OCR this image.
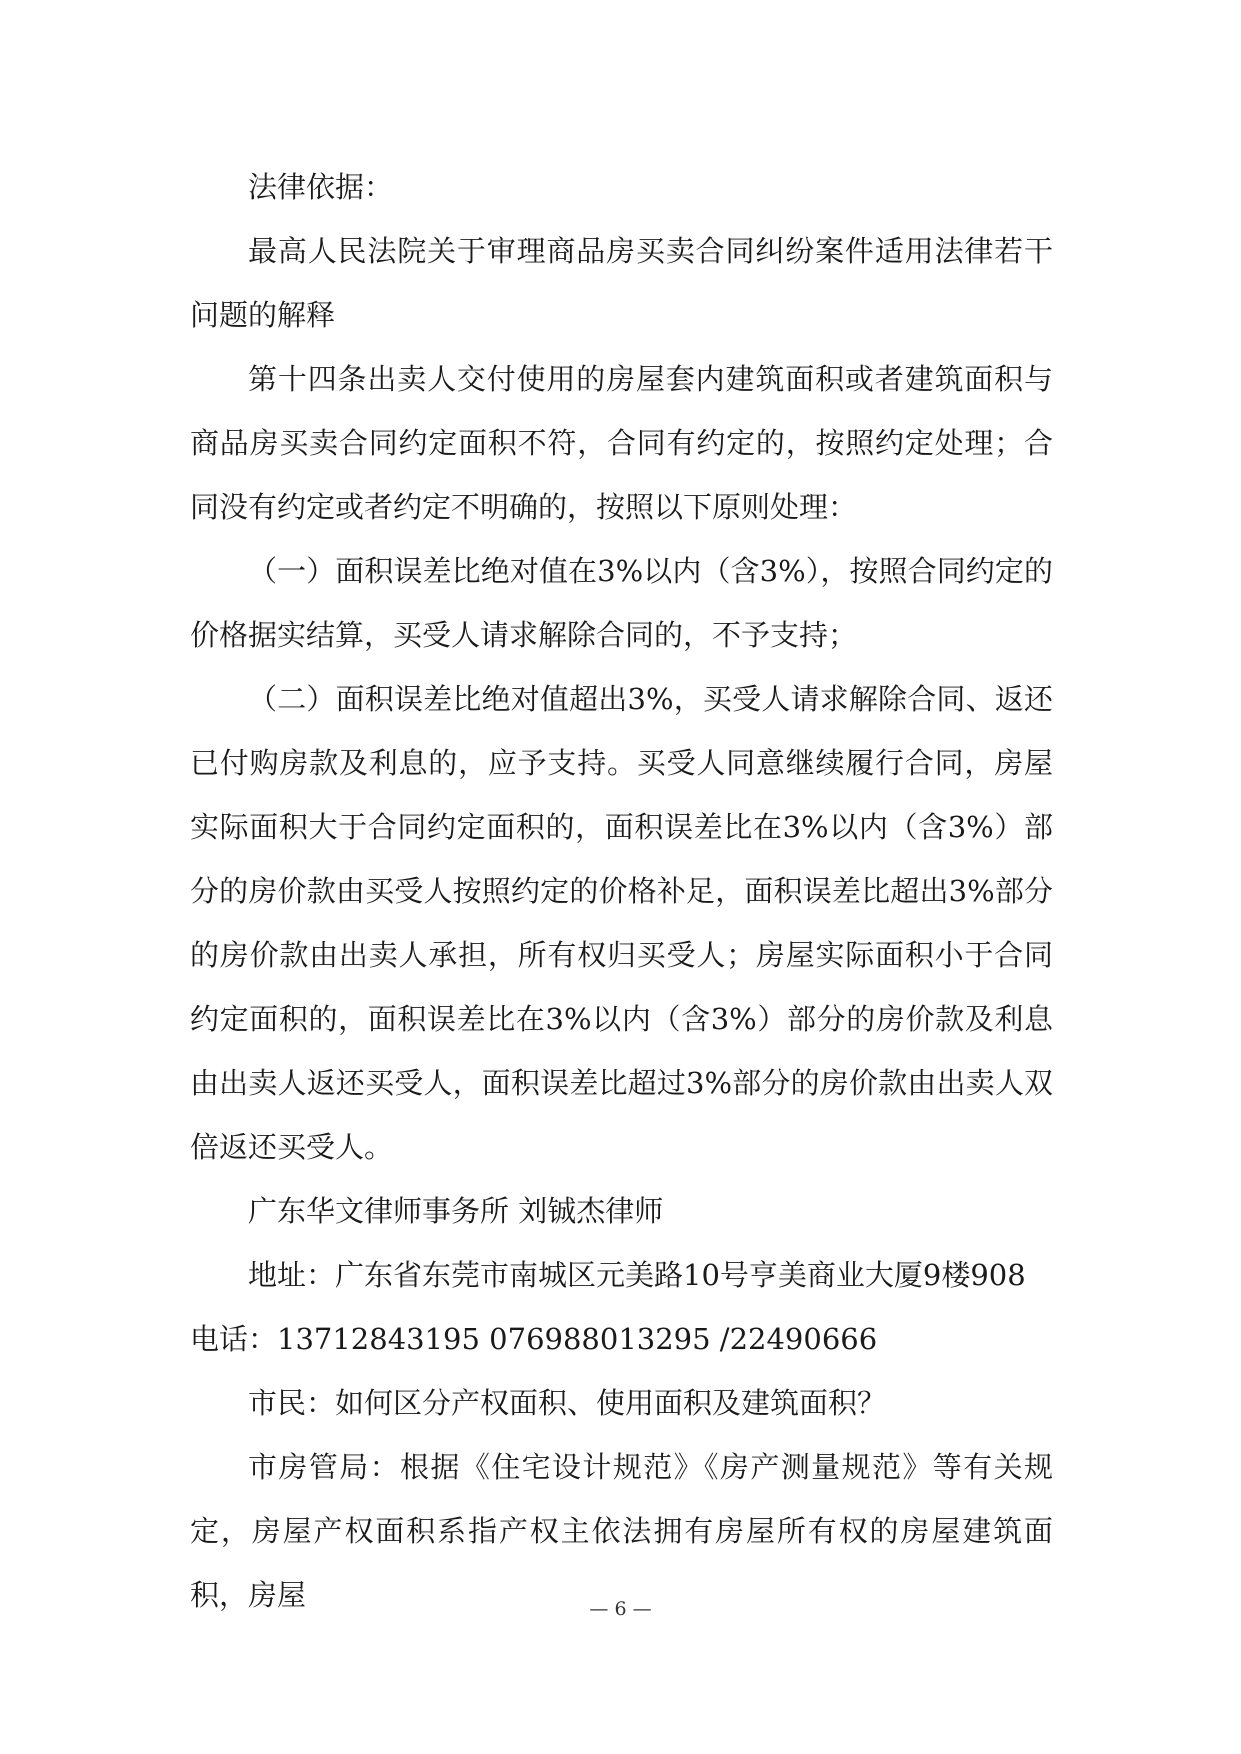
法律依据：

最高人民法院关于审理商品房买卖合同纠纷案件适用法律若干问题的解释

第十四条出卖人交付使用的房屋套内建筑面积或者建筑面积与商品房买卖合同约定面积不符，合同有约定的，按照约定处理；合同没有约定或者约定不明确的，按照以下原则处理：

（一）面积误差比绝对值在3%以内（含3%），按照合同约定的价格据实结算，买受人请求解除合同的，不予支持；

（二）面积误差比绝对值超出3%，买受人请求解除合同、返还已付购房款及利息的，应予支持。买受人同意继续履行合同，房屋实际面积大于合同约定面积的，面积误差比在3%以内（含3%）部分的房价款由买受人按照约定的价格补足，面积误差比超出3%部分的房价款由出卖人承担，所有权归买受人；房屋实际面积小于合同约定面积的，面积误差比在3%以内（含3%）部分的房价款及利息由出卖人返还买受人，面积误差比超过3%部分的房价款由出卖人双倍返还买受人。

广东华文律师事务所 刘铖杰律师

地址：广东省东莞市南城区元美路10号亨美商业大厦9楼908

电话：13712843195 076988013295 /22490666

市民：如何区分产权面积、使用面积及建筑面积？

市房管局：根据《住宅设计规范》《房产测量规范》等有关规定，房屋产权面积系指产权主依法拥有房屋所有权的房屋建筑面积，房屋	— 6 —
